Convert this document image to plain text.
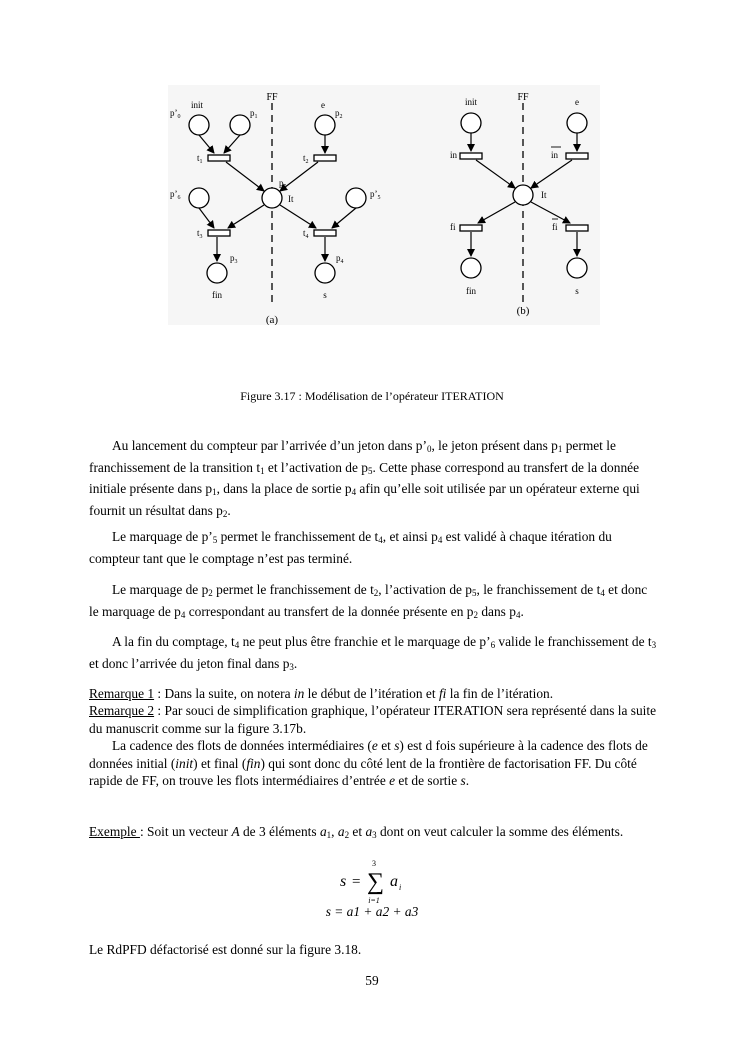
FF
$p’_0$
init
$p_1$
e
$p_2$
$t_1$	$t_2$
$p_5$
It
$p’_6$	$p’_5$
$t_3$	$t_4$
$p_3$	$p_4$
fin	s
(a)
FF
init	e
in	in
It
fi	fi
fin	s
(b)
Figure 3.17 : Modélisation de l’opérateur ITERATION

Au lancement du compteur par l’arrivée d’un jeton dans $p’_0$, le jeton présent dans $p_1$ permet le franchissement de la transition $t_1$ et l’activation de $p_5$. Cette phase correspond au transfert de la donnée initiale présente dans $p_1$, dans la place de sortie $p_4$ afin qu’elle soit utilisée par un opérateur externe qui fournit un résultat dans $p_2$.

Le marquage de $p’_5$ permet le franchissement de $t_4$, et ainsi $p_4$ est validé à chaque itération du compteur tant que le comptage n’est pas terminé.

Le marquage de $p_2$ permet le franchissement de $t_2$, l’activation de $p_5$, le franchissement de $t_4$ et donc le marquage de $p_4$ correspondant au transfert de la donnée présente en $p_2$ dans $p_4$.

A la fin du comptage, $t_4$ ne peut plus être franchie et le marquage de $p’_6$ valide le franchissement de $t_3$ et donc l’arrivée du jeton final dans $p_3$.

Remarque 1 : Dans la suite, on notera in le début de l’itération et fi la fin de l’itération.

Remarque 2 : Par souci de simplification graphique, l’opérateur ITERATION sera représenté dans la suite du manuscrit comme sur la figure 3.17b.

La cadence des flots de données intermédiaires (e et s) est d fois supérieure à la cadence des flots de données initial (init) et final (fin) qui sont donc du côté lent de la frontière de factorisation FF. Du côté rapide de FF, on trouve les flots intermédiaires d’entrée e et de sortie s.

Exemple : Soit un vecteur A de 3 éléments $a_1$, $a_2$ et $a_3$ dont on veut calculer la somme des éléments.

s = ∑
3
i=1
a i
s = a1 + a2 + a3

Le RdPFD défactorisé est donné sur la figure 3.18.

59
